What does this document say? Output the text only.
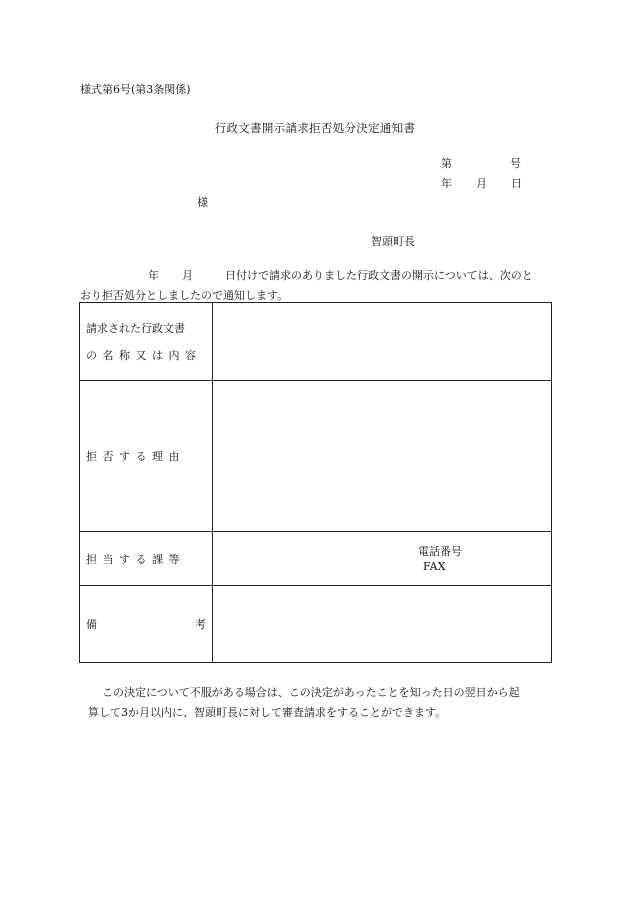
様式第6号(第3条関係)
行政文書開示請求拒否処分決定通知書
第	号
年 月 日
様
智頭町長
年 月	日付けで請求のありました行政文書の開示については、次のと
おり拒否処分としましたので通知します。
請求された行政文書
の名称又は内容	

拒否する理由	
担当する課等	電話番号
FAX

備 考	

この決定について不服がある場合は、この決定があったことを知った日の翌日から起
算して3か月以内に、智頭町長に対して審査請求をすることができます。
